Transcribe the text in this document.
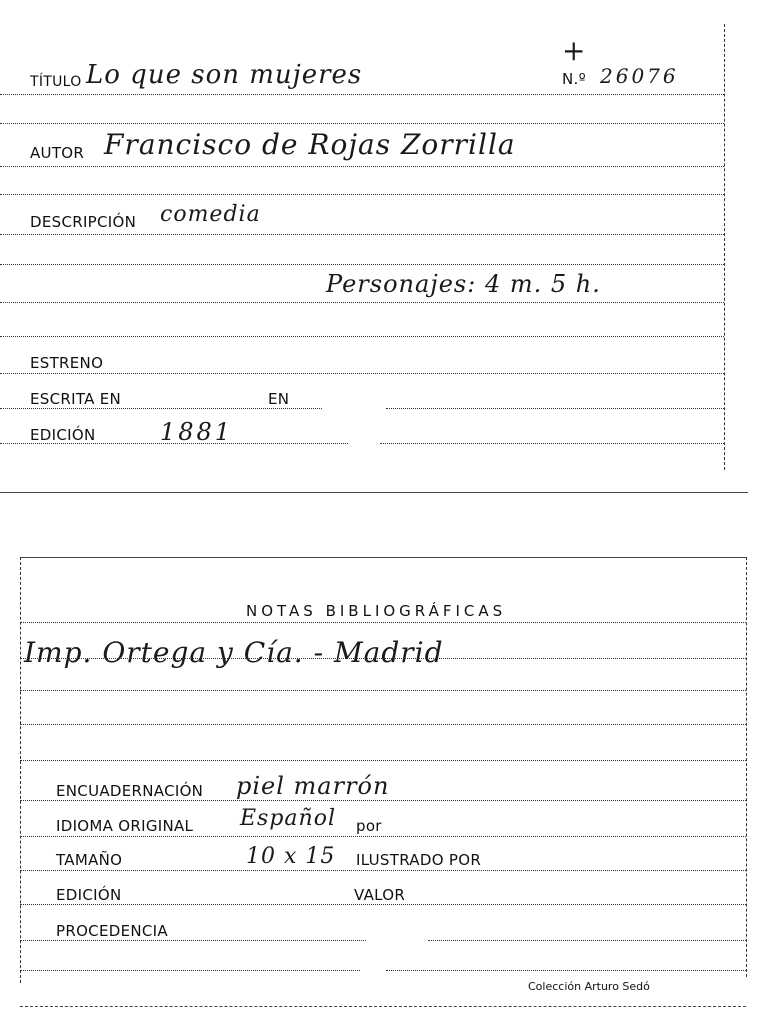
TÍTULO Lo que son mujeres
+
N.º 26076
AUTOR Francisco de Rojas Zorrilla
DESCRIPCIÓN comedia
Personajes: 4 m. 5 h.
ESTRENO
ESCRITA EN	EN
EDICIÓN	1881
NOTAS BIBLIOGRÁFICAS
Imp. Ortega y Cía. - Madrid
ENCUADERNACIÓN piel marrón
IDIOMA ORIGINAL Español por
TAMAÑO	10 x 15 ILUSTRADO POR
EDICIÓN	VALOR
PROCEDENCIA
Colección Arturo Sedó
